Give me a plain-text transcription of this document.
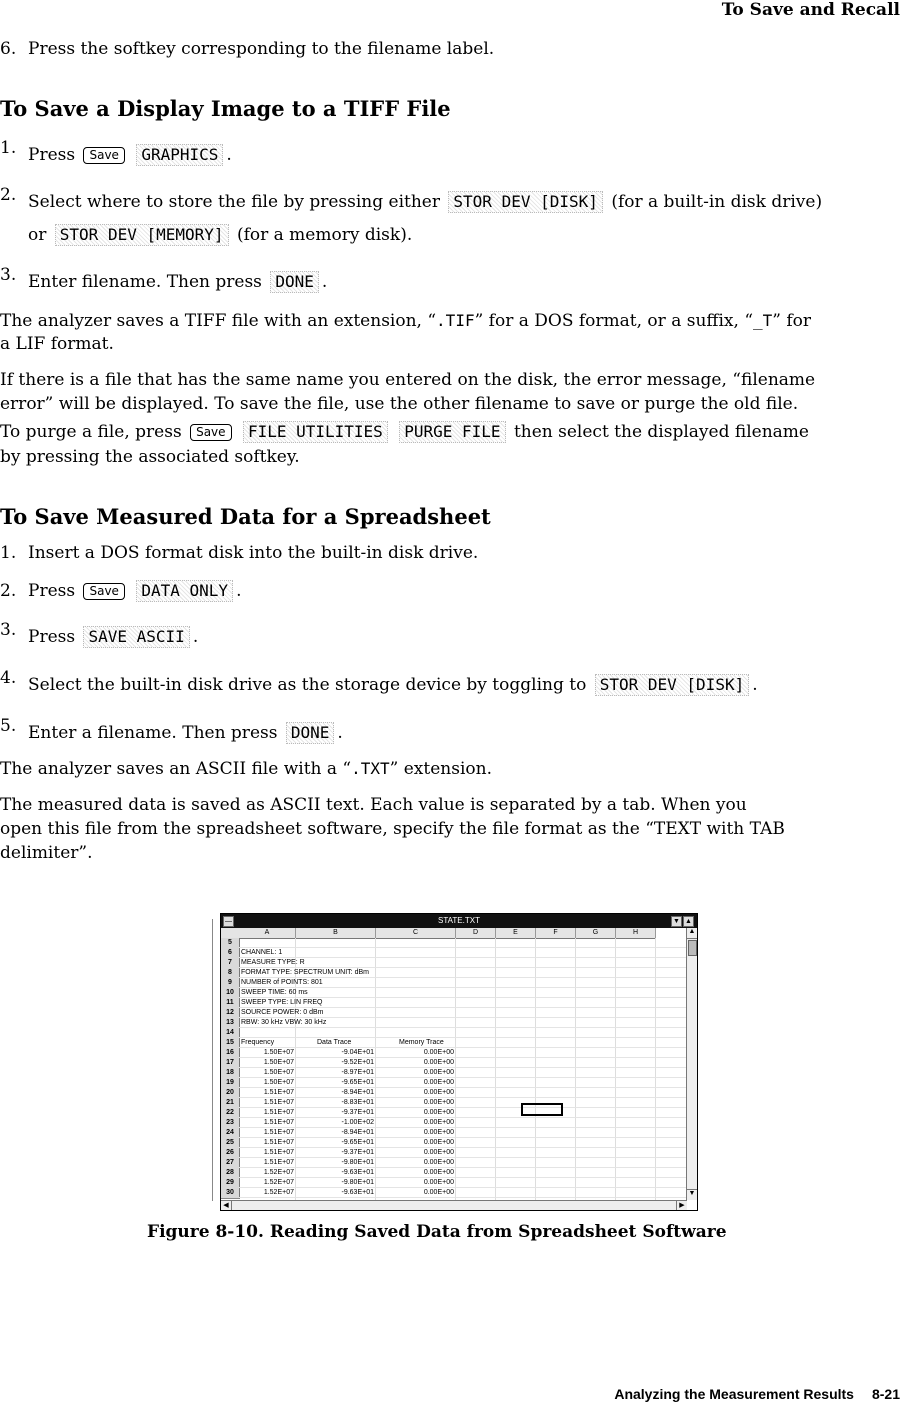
To Save and Recall
6. Press the softkey corresponding to the filename label.
To Save a Display Image to a TIFF File
1. Press Save GRAPHICS .
2. Select where to store the file by pressing either STOR DEV [DISK] (for a built-in disk drive)
or STOR DEV [MEMORY] (for a memory disk).
3. Enter filename. Then press DONE .
The analyzer saves a TIFF file with an extension, “.TIF” for a DOS format, or a suffix, “_T” for
a LIF format.
If there is a file that has the same name you entered on the disk, the error message, “filename
error” will be displayed. To save the file, use the other filename to save or purge the old file.
To purge a file, press Save FILE UTILITIES PURGE FILE then select the displayed filename
by pressing the associated softkey.
To Save Measured Data for a Spreadsheet
1. Insert a DOS format disk into the built-in disk drive.
2. Press Save DATA ONLY .
3. Press SAVE ASCII .
4. Select the built-in disk drive as the storage device by toggling to STOR DEV [DISK] .
5. Enter a filename. Then press DONE .
The analyzer saves an ASCII file with a “.TXT” extension.
The measured data is saved as ASCII text. Each value is separated by a tab. When you
open this file from the spreadsheet software, specify the file format as the “TEXT with TAB
delimiter”.
—	STATE.TXT	▼ ▲
A	B	C	D	E	F	G	H
5
6	CHANNEL: 1
7	MEASURE TYPE: R
8	FORMAT TYPE: SPECTRUM UNIT: dBm
9	NUMBER of POINTS: 801
10	SWEEP TIME: 60 ms
11	SWEEP TYPE: LIN FREQ
12	SOURCE POWER: 0 dBm
13	RBW: 30 kHz VBW: 30 kHz
14
15	Frequency	Data Trace	Memory Trace
16	1.50E+07	-9.04E+01	0.00E+00
17	1.50E+07	-9.52E+01	0.00E+00
18	1.50E+07	-8.97E+01	0.00E+00
19	1.50E+07	-9.65E+01	0.00E+00
20	1.51E+07	-8.94E+01	0.00E+00
21	1.51E+07	-8.83E+01	0.00E+00
22	1.51E+07	-9.37E+01	0.00E+00
23	1.51E+07	-1.00E+02	0.00E+00
24	1.51E+07	-8.94E+01	0.00E+00
25	1.51E+07	-9.65E+01	0.00E+00
26	1.51E+07	-9.37E+01	0.00E+00
27	1.51E+07	-9.80E+01	0.00E+00
28	1.52E+07	-9.63E+01	0.00E+00
29	1.52E+07	-9.80E+01	0.00E+00
30	1.52E+07	-9.63E+01	0.00E+00
▲
▼
◀	▶
Figure 8-10. Reading Saved Data from Spreadsheet Software
Analyzing the Measurement Results 8-21
